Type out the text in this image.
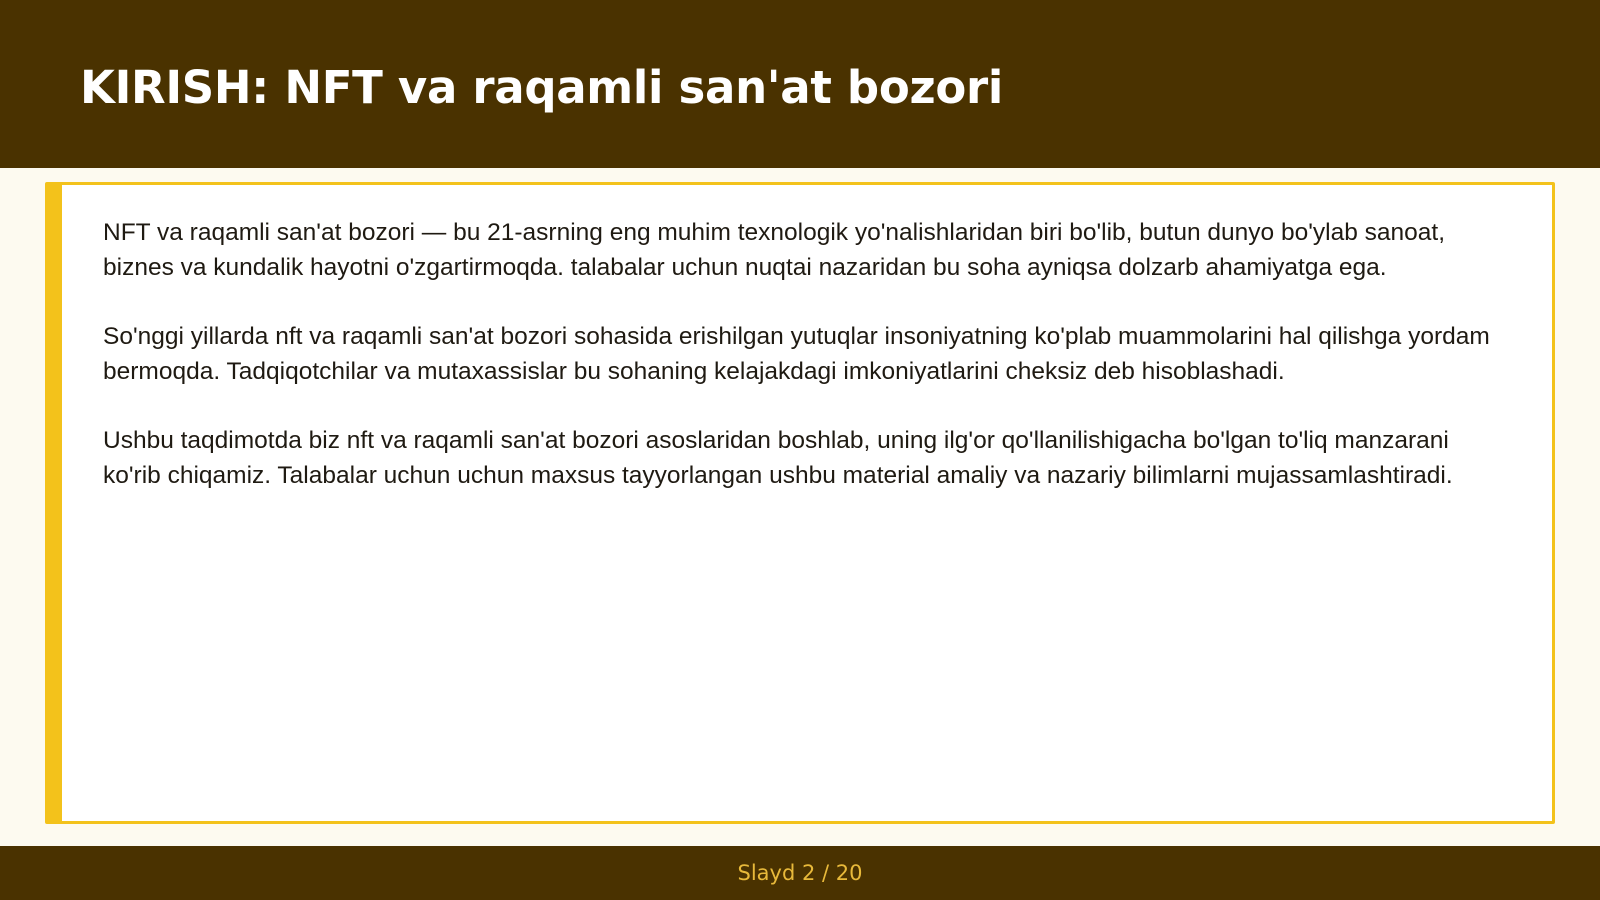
KIRISH: NFT va raqamli san'at bozori

NFT va raqamli san'at bozori — bu 21-asrning eng muhim texnologik yo'nalishlaridan biri bo'lib, butun dunyo bo'ylab sanoat, biznes va kundalik hayotni o'zgartirmoqda. talabalar uchun nuqtai nazaridan bu soha ayniqsa dolzarb ahamiyatga ega.

So'nggi yillarda nft va raqamli san'at bozori sohasida erishilgan yutuqlar insoniyatning ko'plab muammolarini hal qilishga yordam bermoqda. Tadqiqotchilar va mutaxassislar bu sohaning kelajakdagi imkoniyatlarini cheksiz deb hisoblashadi.

Ushbu taqdimotda biz nft va raqamli san'at bozori asoslaridan boshlab, uning ilg'or qo'llanilishigacha bo'lgan to'liq manzarani ko'rib chiqamiz. Talabalar uchun uchun maxsus tayyorlangan ushbu material amaliy va nazariy bilimlarni mujassamlashtiradi.

Slayd 2 / 20
